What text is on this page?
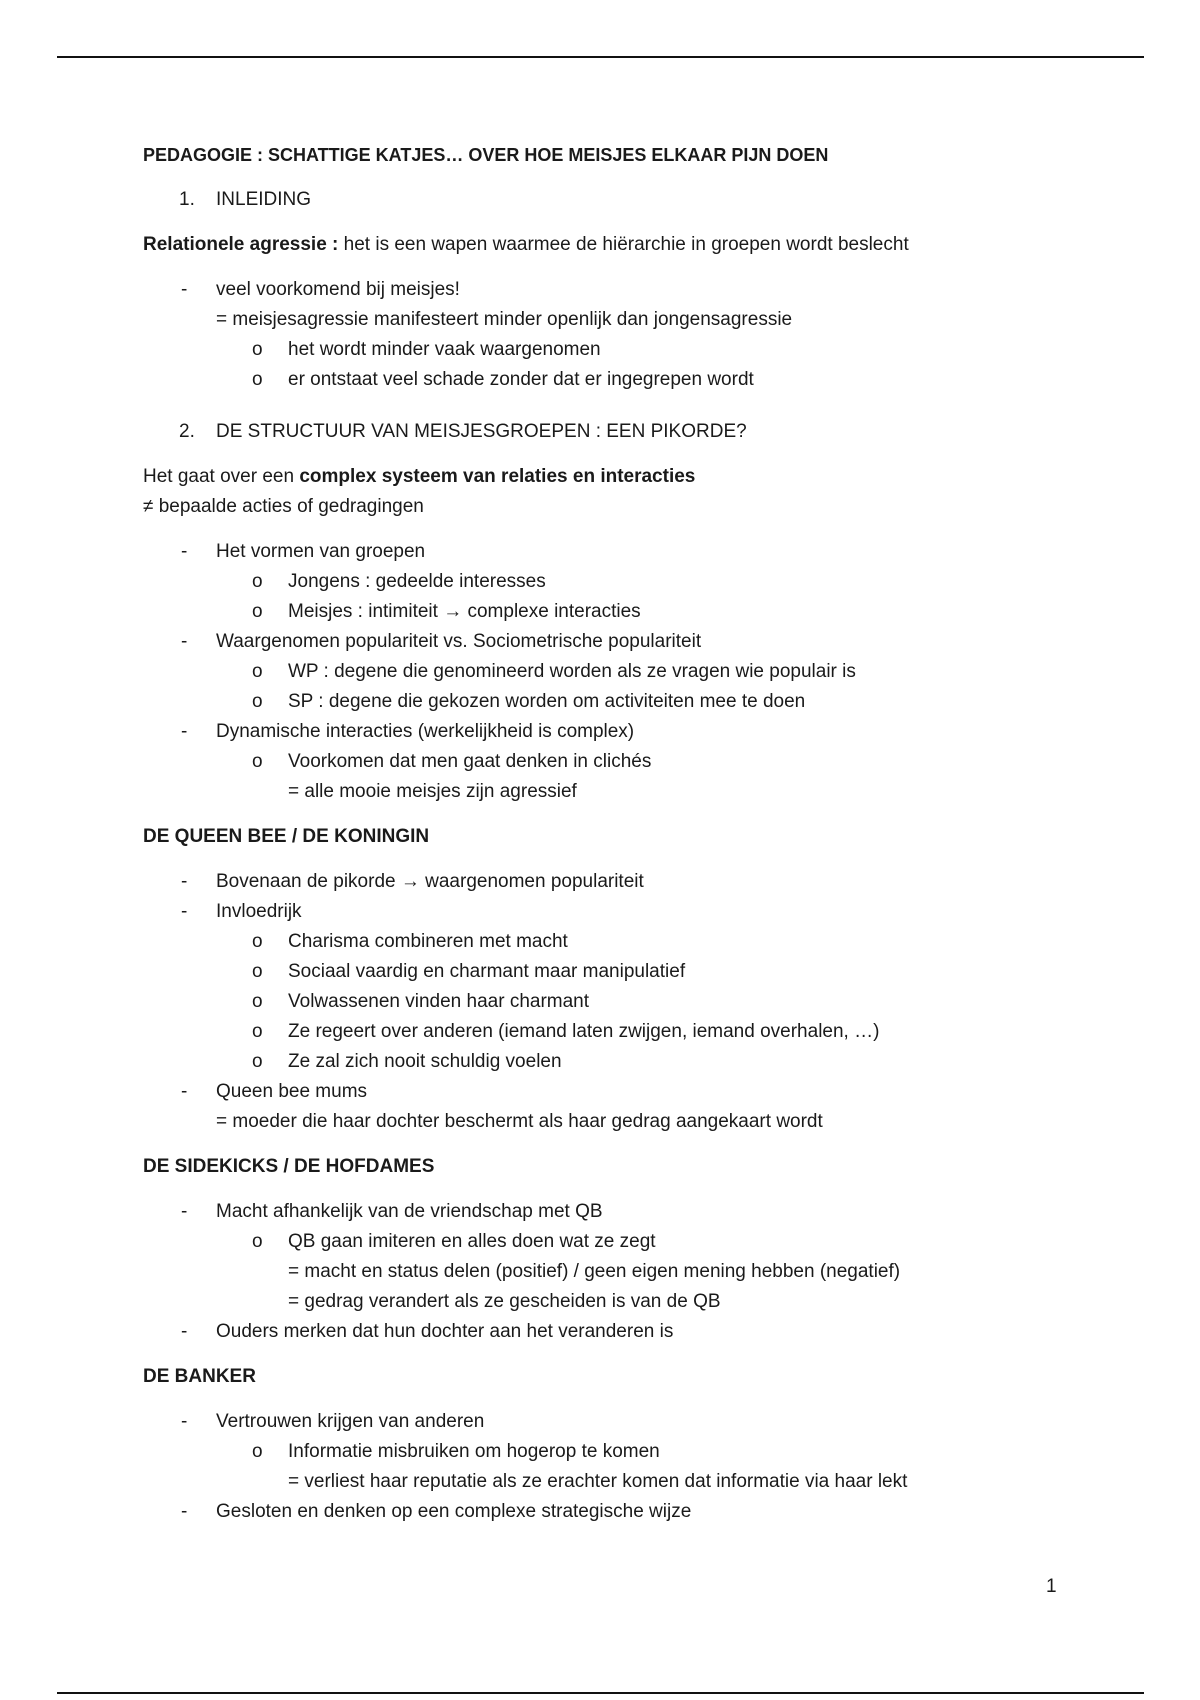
PEDAGOGIE : SCHATTIGE KATJES… OVER HOE MEISJES ELKAAR PIJN DOEN
1. INLEIDING
Relationele agressie : het is een wapen waarmee de hiërarchie in groepen wordt beslecht
- veel voorkomend bij meisjes!
= meisjesagressie manifesteert minder openlijk dan jongensagressie
o het wordt minder vaak waargenomen
o er ontstaat veel schade zonder dat er ingegrepen wordt
2. DE STRUCTUUR VAN MEISJESGROEPEN : EEN PIKORDE?
Het gaat over een complex systeem van relaties en interacties
≠ bepaalde acties of gedragingen
- Het vormen van groepen
o Jongens : gedeelde interesses
o Meisjes : intimiteit → complexe interacties
- Waargenomen populariteit vs. Sociometrische populariteit
o WP : degene die genomineerd worden als ze vragen wie populair is
o SP : degene die gekozen worden om activiteiten mee te doen
- Dynamische interacties (werkelijkheid is complex)
o Voorkomen dat men gaat denken in clichés
= alle mooie meisjes zijn agressief
DE QUEEN BEE / DE KONINGIN
- Bovenaan de pikorde → waargenomen populariteit
- Invloedrijk
o Charisma combineren met macht
o Sociaal vaardig en charmant maar manipulatief
o Volwassenen vinden haar charmant
o Ze regeert over anderen (iemand laten zwijgen, iemand overhalen, …)
o Ze zal zich nooit schuldig voelen
- Queen bee mums
= moeder die haar dochter beschermt als haar gedrag aangekaart wordt
DE SIDEKICKS / DE HOFDAMES
- Macht afhankelijk van de vriendschap met QB
o QB gaan imiteren en alles doen wat ze zegt
= macht en status delen (positief) / geen eigen mening hebben (negatief)
= gedrag verandert als ze gescheiden is van de QB
- Ouders merken dat hun dochter aan het veranderen is
DE BANKER
- Vertrouwen krijgen van anderen
o Informatie misbruiken om hogerop te komen
= verliest haar reputatie als ze erachter komen dat informatie via haar lekt
- Gesloten en denken op een complexe strategische wijze
1
